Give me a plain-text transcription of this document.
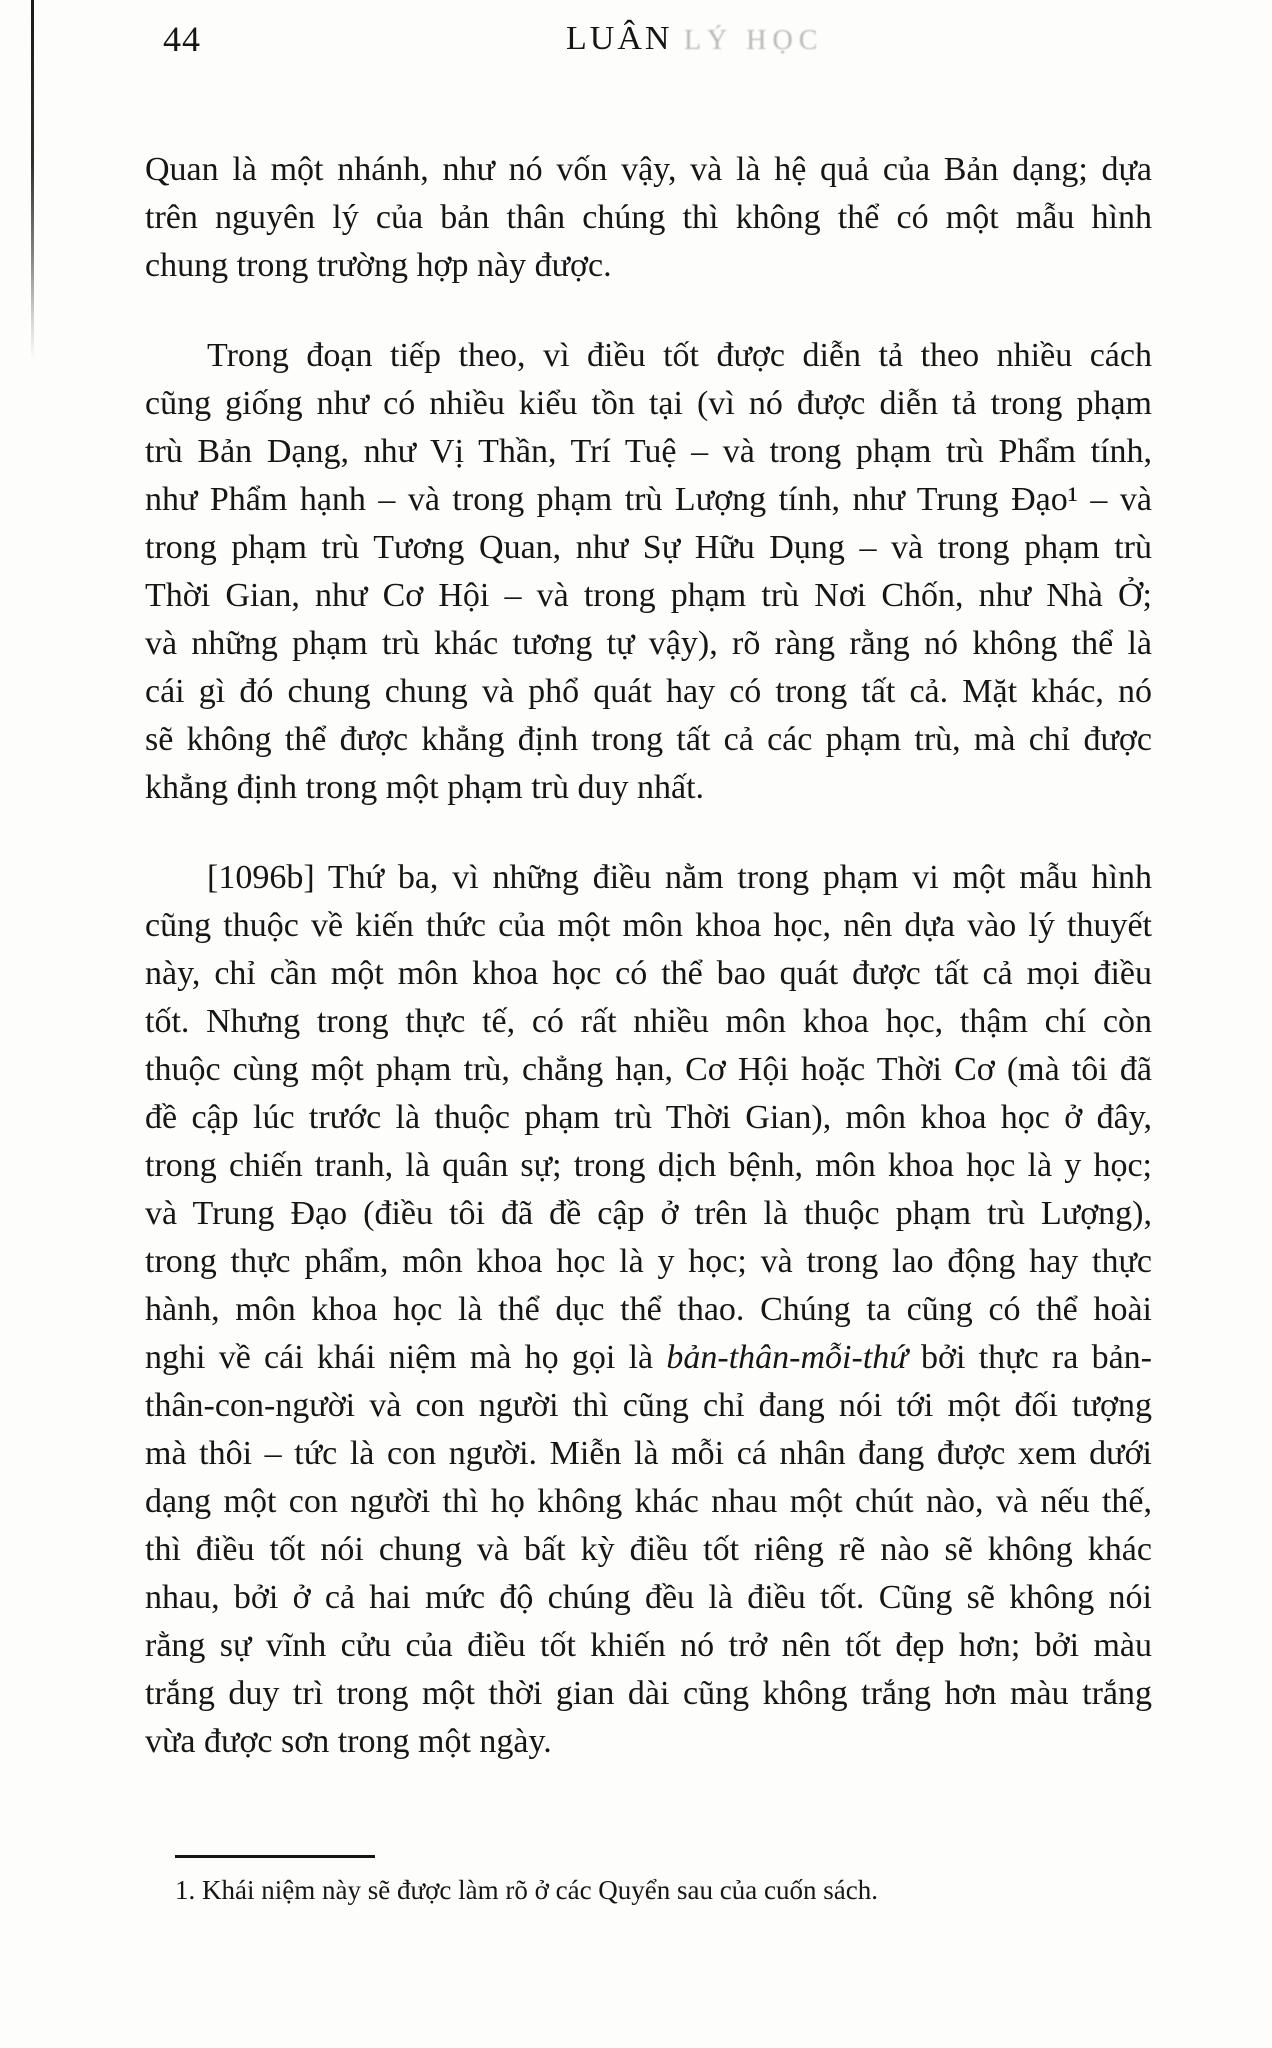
44	LUÂN LÝ HỌC
Quan là một nhánh, như nó vốn vậy, và là hệ quả của Bản dạng; dựa
trên nguyên lý của bản thân chúng thì không thể có một mẫu hình
chung trong trường hợp này được.
Trong đoạn tiếp theo, vì điều tốt được diễn tả theo nhiều cách
cũng giống như có nhiều kiểu tồn tại (vì nó được diễn tả trong phạm
trù Bản Dạng, như Vị Thần, Trí Tuệ – và trong phạm trù Phẩm tính,
như Phẩm hạnh – và trong phạm trù Lượng tính, như Trung Đạo¹ – và
trong phạm trù Tương Quan, như Sự Hữu Dụng – và trong phạm trù
Thời Gian, như Cơ Hội – và trong phạm trù Nơi Chốn, như Nhà Ở;
và những phạm trù khác tương tự vậy), rõ ràng rằng nó không thể là
cái gì đó chung chung và phổ quát hay có trong tất cả. Mặt khác, nó
sẽ không thể được khẳng định trong tất cả các phạm trù, mà chỉ được
khẳng định trong một phạm trù duy nhất.
[1096b] Thứ ba, vì những điều nằm trong phạm vi một mẫu hình
cũng thuộc về kiến thức của một môn khoa học, nên dựa vào lý thuyết
này, chỉ cần một môn khoa học có thể bao quát được tất cả mọi điều
tốt. Nhưng trong thực tế, có rất nhiều môn khoa học, thậm chí còn
thuộc cùng một phạm trù, chẳng hạn, Cơ Hội hoặc Thời Cơ (mà tôi đã
đề cập lúc trước là thuộc phạm trù Thời Gian), môn khoa học ở đây,
trong chiến tranh, là quân sự; trong dịch bệnh, môn khoa học là y học;
và Trung Đạo (điều tôi đã đề cập ở trên là thuộc phạm trù Lượng),
trong thực phẩm, môn khoa học là y học; và trong lao động hay thực
hành, môn khoa học là thể dục thể thao. Chúng ta cũng có thể hoài
nghi về cái khái niệm mà họ gọi là bản-thân-mỗi-thứ bởi thực ra bản-
thân-con-người và con người thì cũng chỉ đang nói tới một đối tượng
mà thôi – tức là con người. Miễn là mỗi cá nhân đang được xem dưới
dạng một con người thì họ không khác nhau một chút nào, và nếu thế,
thì điều tốt nói chung và bất kỳ điều tốt riêng rẽ nào sẽ không khác
nhau, bởi ở cả hai mức độ chúng đều là điều tốt. Cũng sẽ không nói
rằng sự vĩnh cửu của điều tốt khiến nó trở nên tốt đẹp hơn; bởi màu
trắng duy trì trong một thời gian dài cũng không trắng hơn màu trắng
vừa được sơn trong một ngày.
1. Khái niệm này sẽ được làm rõ ở các Quyển sau của cuốn sách.
